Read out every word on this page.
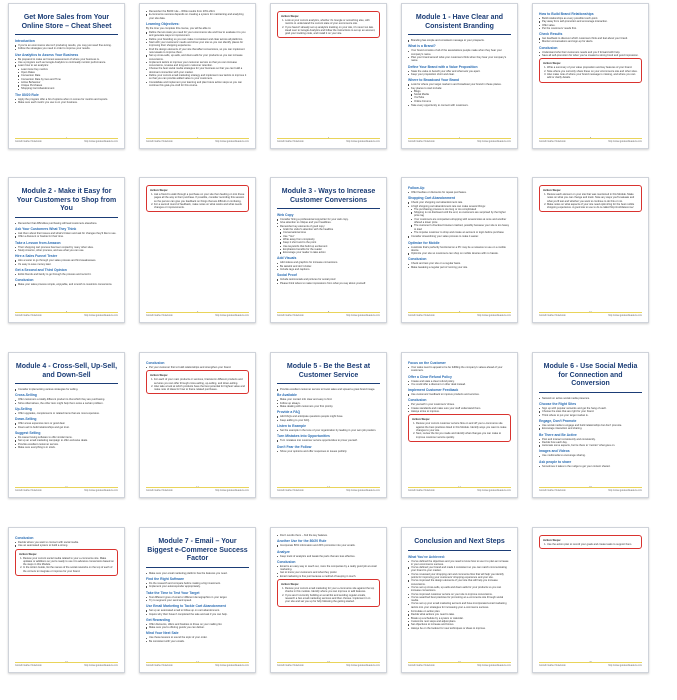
Get More Sales from Your Online Store – Cheat Sheet
Introduction
If you're an ecommerce site isn't producing results, you may just need fine-tuning.
Follow the strategies you need in order to improve your results.
Use Analytics to Assess Your Business
Be prepared to make an honest assessment of where your business is.
Use a program such as Google Analytics to continually monitor performance.
Learn how to set analytics:
Learn How Key metrics
Open Rates
Conversion Rate
Conversion Rate by Geo and Time
Active Behaviour
Unique Purchases
Shopping Cart Abandonment
The 80/20 Rule
Apply the program offer a bit of options when in comes for metrics and reports.
Make sure each metric you use is on your business.
1
Growth Gather Notebook	http://www.guidesofleaders.com
Remember the 80/20 rule – While results from 20% effort.
E-commerce success depends on creating a system for maintaining and analyzing your site data.
Learning Objectives:

By the time you complete this course, you will be able to:

Define the two stats you need for your ecommerce site and how to evaluate it to you and generate ways to improvement.
Define your branding so you can make it consistent and clear across all platforms.
Start with your customers' needs and show your site so you can identify places for improving their shopping experience.
Find the design elements of your site that affect conversions, so you can implement new tweaks to improve them.
Set up cross-sells, up-sells, and down-sells for your products so you can increase conversions.
Implement tactics to improve your customer service so that you can increase conversions, reviews and long-term customer retention.
Choose the best social media strategies for your business so that you can build a dominant connection with your market.
Define your current email marketing strategy and implement new tactics to improve it so that you can provide added value to your customers.
Consolidate and implement your learning and plan future action steps so you can continue this goal-you-craft for this course.
2
Growth Gather Notebook	http://www.guidesofleaders.com
Action Steps:
1. Look at your current analytics, whether it's Google or something else, with metrics to understand the current state of your ecommerce site.
2. If you haven't already set up analytics tracking on your site, it's never too late. Head over to Google Analytics and follow the instructions to set up an account, grab your tracking code, and install it on your site.
3
Growth Gather Notebook	http://www.guidesofleaders.com
Module 1 - Have Clear and Consistent Branding
Branding has simple and consistent message to your prospects.
What is a Brand?
Your brand consists of all of the associations people make when they hear your company's name.
Plan your brand around what your customers think when they hear your company's name.
Define Your Brand with a Value Proposition
State the value to benefit your offer and what sets you apart.
Keep your proposition short and clear.
Where to Broadcast Your Brand
Look for where your target market is and broadcast your brand in these places.
Key places to start include:
Blogs
Social Media
YouTube
Online Forums
Take every opportunity to connect with customers.
4
Growth Gather Notebook	http://www.guidesofleaders.com
How to Build Brand Relationships
Build relationships as every possible touch-point.
Pay away from self-promotion and encourage interaction.
Offer value.
Put the customers' needs first.
Check Results
Get feedback to discover which customers think and feel about your brand.
Monitor conversations and sign-up for alerts.
Conclusion
Understand who their customers needs and you if forward with help.
Save all self-promotion for when you've created a strong bond and good impression.
Action Steps:
1. Write a summary of your value proposition and key features of your brand.
2. Note where you currently share these on your eCommerce site and other sites.
3. Also make note of where your brand message is missing, and where you can add or clarify details.
5
Growth Gather Notebook	http://www.guidesofleaders.com
Module 2 - Make it Easy for Your Customers to Shop from You
Remember that difficulties purchasing will lead customers elsewhere.
Ask Your Customers What They Think
Ask them about their issues and what's broken and ask for changes they'd like to see.
Offer a discount or freebie for their time.
Take a Lesson from Amazon
Their shopping cart process has been copied by many other sites.
Study Amazon, other process, and see what you can use.
Hire a Sales Funnel Tester
Hire a tester to go through your sales process and find weaknesses.
It's easy to save money later.
Get a Second and Third Opinion
Enlist friends and family to go through the process and record it.
Conclusion
Make your sales process simple, enjoyable, and smooth to maximize conversions.
6
Growth Gather Notebook	http://www.guidesofleaders.com
Action Steps:
1. Ask a friend to walk through a purchase on your site then feeding on into these pages all the way to their purchase. If possible, consider recording this session so the person can give you feedback on things that are difficult or confusing.
2. For a second round of feedback, make notes on what works and what needs changes or improvements.
7
Growth Gather Notebook	http://www.guidesofleaders.com
Module 3 - Ways to Increase Customer Conversions
Web Copy
Consider hiring a professional copywriter for your web copy.
Give attention to critique and your headlines.
Remember key elements of good copy:
Grab the visitor's attention with the headline
Conversational tone
Use "You"
Write away from complexity
Keep it short and to the point
Use keywords that build up excitement
Emphasize benefits for the reader
Encourage your reader to take action
Add Visuals
Add videos and graphics for increase conversions.
Be tasteful and don't clutter.
Include tags and captions.
Social Proof
Include testimonials and pictures for social proof.
Please think where to make impressions from what you say about yourself.
8
Growth Gather Notebook	http://www.guidesofleaders.com
Follow-Up
Offer freebies or discounts for repeat purchases.
Shopping Cart Abandonment
Check your shopping cart abandonment rate.
A high shopping cart abandonment rate can make several things:
The purchasing process is too long or too complicated
Shipping is not disclosed until the end, so customers are surprised by the higher price tag
Your customers are comparison-shopping with several sites at once and another offered a lower price
The customer's checkout browser crashed, possibly because your site is too heavy to load
The impulse customer to shop and create an account or login before purchase
Consider streamlining your sales process to make it easier.
Optimize for Mobile
A website that's perfectly functional on a PC may be a nuisance to use on a mobile device.
Optimize your site so customers can shop on mobile devices with no hassle.
Conclusion
Check and test your site on a regular basis.
Make tweaking a regular part of running your site.
9
Growth Gather Notebook	http://www.guidesofleaders.com
Action Steps:
1. Review each element on your site that was mentioned in this Module. Make notes on what you can change and track. Note any ways you'll evaluate and what you'll test and whether you want to continue to do this or not.
2. Make notes on what aspects of your site need optimizing for the best mobile shopping experience. A good site to use to do is called http://mobiletest.me/
10
Growth Gather Notebook	http://www.guidesofleaders.com
Module 4 - Cross-Sell, Up-Sell, and Down-Sell
Consider implementing various strategies for selling.
Cross-Selling
Offer customers a totally different product to that which they are purchasing.
Strive Alternatives, the other item might help them solve a certain problem.
Up-Selling
Offer upgrades, complements or related items that are most expensive.
Down-Selling
Offer a less expensive item or good deal.
Down-sell to build relationships and get trust.
Suggest Selling
Do cause having software to offer similar items.
Set up an email marketing campaign to offer exclusive deals.
Provide excellent customer service.
Make sure everything is in stock.
11
Growth Gather Notebook	http://www.guidesofleaders.com
Conclusion
Put your customer first to build relationships and strengthen your brand.
Action Steps:
1. For each of your main products or services, brainstorm different products and services you can offer through cross-selling, up-selling, and down-selling.
2. Also take a look at which products have the best potential for highest value and make note of ideas for how to frame related purchases.
12
Growth Gather Notebook	http://www.guidesofleaders.com
Module 5 - Be the Best at Customer Service
Provide excellent customer service to boost sales and spread a great brand image.
Be Available
Make your contact info clear and easy to find.
Follow up always.
Make dealing with customers your first priority.
Provide a FAQ
Add FAQs and anticipate questions people might have.
Keep adding to your FAQ.
Listen to Example
Set the example in the tone of your organization by leading in your own job position.
Turn Mistakes into Opportunities
Turn mistakes into customer service opportunities to prove yourself.
Don't Fear the Follow
Show your opinions and offer responses to issues publicly.
13
Growth Gather Notebook	http://www.guidesofleaders.com
Focus on the Customer
Your sales need to appeal to be be fulfilling the company's values ahead of your customers.
Offer a Clear Refund Policy
Create and state a clear refund policy.
You could offer a discount or other deal instead.
Implement Customer Feedback
Use customers' feedback to improve products and services.
Conclusion
Put yourself in your customers' shoes.
Create standards and make sure your staff understand them.
Always strive to improve.
Action Steps:
1. Review your current customer service flow on and off your e-commerce site against the best practices listed in this Module. Identify ways you want to make changes to your site.
2. Next, review the list you made and identify what changes you can make to improve customer service quickly.
14
Growth Gather Notebook	http://www.guidesofleaders.com
Module 6 - Use Social Media for Connection and Conversion
Network on active social media presence.
Choose the Right Sites
Sign up with popular networks and get the hang of each.
Choose the sites that are right for your brand.
Think where to put your target market is.
Engage, Don't Promote
Use social media to engage and build relationships but don't promote.
Encourage interaction and sharing.
Be There and Be Active
Post and interact consistently and consistently.
Decide how each day.
Automate some aspects, but be there to 'monitor' what goes on.
Images and Videos
Use multimedia to encourage sharing.
Ask people to share
Sometimes it takes is the nudge to get your content shared.
15
Growth Gather Notebook	http://www.guidesofleaders.com
Conclusion
Decide where you want to connect with social media.
Use an automated system to build a strong.
Action Steps:
1. Review your current social media related to your e-commerce site. Make updates or additions so you're ready to use it to advance conversions based on the steps in this Module.
2. In the Action Guide, list the names of the social networks on the top of each of the corners to integrate or improve for your brand.
16
Growth Gather Notebook	http://www.guidesofleaders.com
Module 7 - Email – Your Biggest e-Commerce Success Factor
Make sure your email marketing platform has the features you need.
Find the Right Software
Do the research and compare before making a big investment.
Implement your autoresponder appropriately.
Take the Time to Test Your Target
Test different types of email or different demographics in your target.
Try to segment your send and speed.
Use Email Marketing to Tackle Cart Abandonment
Set up an automated email to follow-up on cart abandonment.
Inquire why their haven't completed the sale and ask if you can help.
Get Rewarding
Offer discounts, offers and freebies to those on your mailing list.
Make sure you're offering goods you can deliver.
Mind Your Next Sale
Use these lessons to sound the topic of your order.
Be consistent with your emails.
17
Growth Gather Notebook	http://www.guidesofleaders.com
Don't overdo them – find the key balance.
Another Use for the 80/20 Rule
Incorporate 80% information and 20% promotion into your emails.
Analyze
Keep track of analytics and tweak the parts that are less effective.
Conclusion
Email is an easy way to reach out, more the companies by a really good job at email marketing.
Get to know your customers and what they prefer.
Email marketing is fine just because a method of keeping in touch.
Action Steps:
1. Review your current email marketing for your e-commerce site against the top checks in this module. Identify where you can improve or add features.
2. If you aren't currently building an email list and sending regular emails, research a few email marketing services and then choose. Implement it on your site and set you up for fully following the getting started.
18
Growth Gather Notebook	http://www.guidesofleaders.com
Conclusion and Next Steps
What You've Achieved:
You've defined the objectives and you need to know how to use it to plan an increase in your ecommerce success.
You've defined your brand and made it consistent so you can match communicating your brand to your market.
You've reviewed your shopping cart and commerce flow that will help you identify points for improving your customers' shopping experience and your site.
You've improved the design elements of your site that will help you increase conversions.
You've set up cross-sells, up-sells and down-sells for your products so you can increase conversions.
You've improved customer service on your site to improve conversions.
You've searched best practices for promoting an e-commerce site through social media.
You've set up your email marketing account and have incorporated email marketing tactics into your strategies for increasing your e-commerce success.
Formulate on action plan.
Decide what actions you need to take.
Break up a schedule by a system or calendar.
Customize next steps and adjust plans.
Set objectives to increase and bonus.
Always be on the lookout for new techniques or ideas to improve.
19
Growth Gather Notebook	http://www.guidesofleaders.com
Action Steps:
1. Use the action plan to record your goals and create tasks to support them.
20
Growth Gather Notebook	http://www.guidesofleaders.com
